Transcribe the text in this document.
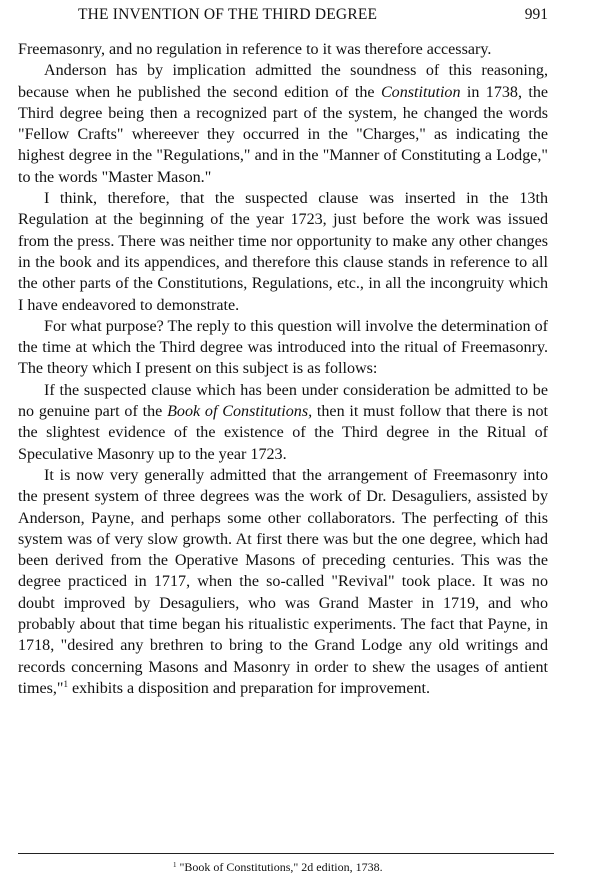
THE INVENTION OF THE THIRD DEGREE	991

Freemasonry, and no regulation in reference to it was therefore accessary.

Anderson has by implication admitted the soundness of this reasoning, because when he published the second edition of the Constitution in 1738, the Third degree being then a recognized part of the system, he changed the words "Fellow Crafts" whereever they occurred in the "Charges," as indicating the highest degree in the "Regulations," and in the "Manner of Constituting a Lodge," to the words "Master Mason."

I think, therefore, that the suspected clause was inserted in the 13th Regulation at the beginning of the year 1723, just before the work was issued from the press. There was neither time nor opportunity to make any other changes in the book and its appendices, and therefore this clause stands in reference to all the other parts of the Constitutions, Regulations, etc., in all the incongruity which I have endeavored to demonstrate.

For what purpose? The reply to this question will involve the determination of the time at which the Third degree was introduced into the ritual of Freemasonry. The theory which I present on this subject is as follows:

If the suspected clause which has been under consideration be admitted to be no genuine part of the Book of Constitutions, then it must follow that there is not the slightest evidence of the existence of the Third degree in the Ritual of Speculative Masonry up to the year 1723.

It is now very generally admitted that the arrangement of Freemasonry into the present system of three degrees was the work of Dr. Desaguliers, assisted by Anderson, Payne, and perhaps some other collaborators. The perfecting of this system was of very slow growth. At first there was but the one degree, which had been derived from the Operative Masons of preceding centuries. This was the degree practiced in 1717, when the so-called "Revival" took place. It was no doubt improved by Desaguliers, who was Grand Master in 1719, and who probably about that time began his ritualistic experiments. The fact that Payne, in 1718, "desired any brethren to bring to the Grand Lodge any old writings and records concerning Masons and Masonry in order to shew the usages of antient times,"$^1$ exhibits a disposition and preparation for improvement.

$^1$ "Book of Constitutions," 2d edition, 1738.
